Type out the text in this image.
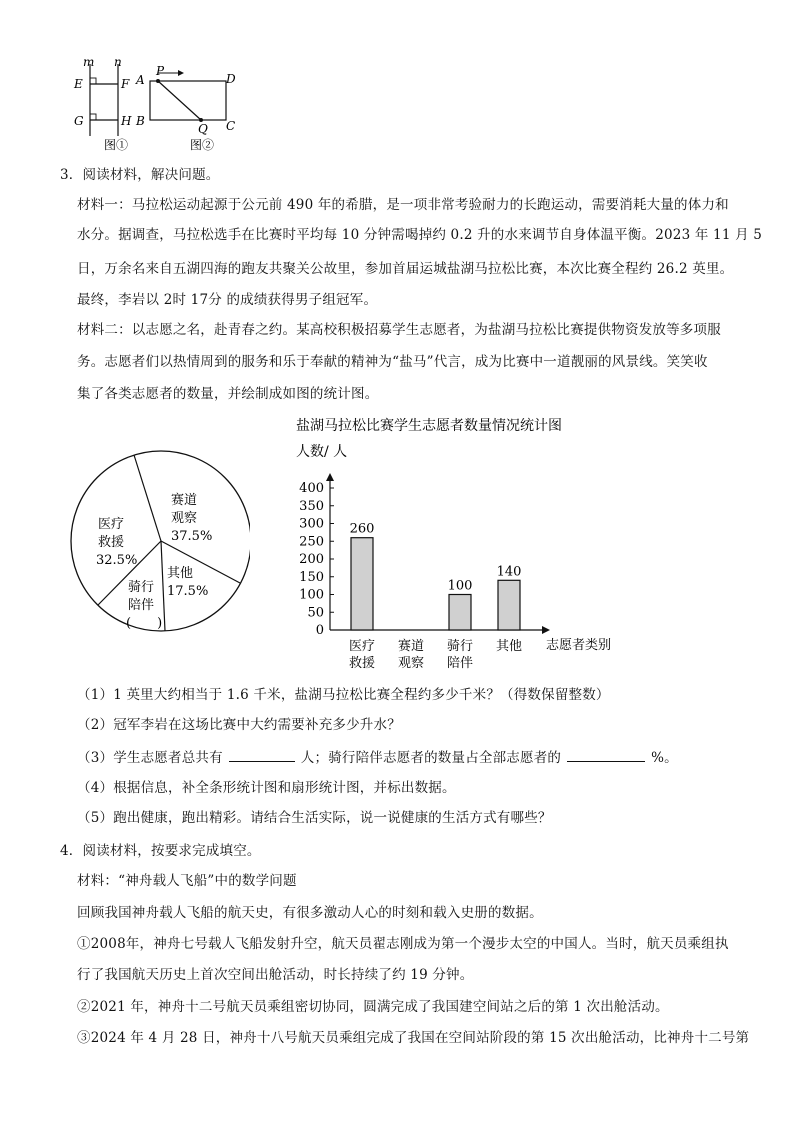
m n
E	F
G	H
图①
A
P
D
B
Q C
图②
3．阅读材料，解决问题。
材料一：马拉松运动起源于公元前 490 年的希腊，是一项非常考验耐力的长跑运动，需要消耗大量的体力和
水分。据调查，马拉松选手在比赛时平均每 10 分钟需喝掉约 0.2 升的水来调节自身体温平衡。2023 年 11 月 5
日，万余名来自五湖四海的跑友共聚关公故里，参加首届运城盐湖马拉松比赛，本次比赛全程约 26.2 英里。
最终，李岩以 2时 17分 的成绩获得男子组冠军。
材料二：以志愿之名，赴青春之约。某高校积极招募学生志愿者，为盐湖马拉松比赛提供物资发放等多项服
务。志愿者们以热情周到的服务和乐于奉献的精神为“盐马”代言，成为比赛中一道靓丽的风景线。笑笑收
集了各类志愿者的数量，并绘制成如图的统计图。
赛道
观察
37.5%
医疗
救援
32.5%
骑行
陪伴
(　　)
其他
17.5%
盐湖马拉松比赛学生志愿者数量情况统计图
人数/ 人
0
50
100
150
200
250
300
350
400
260
医疗
救援
赛道
观察
100
骑行
陪伴
140
其他 志愿者类别
（1）1 英里大约相当于 1.6 千米，盐湖马拉松比赛全程约多少千米？（得数保留整数）
（2）冠军李岩在这场比赛中大约需要补充多少升水？
（3）学生志愿者总共有	人；骑行陪伴志愿者的数量占全部志愿者的	%。
（4）根据信息，补全条形统计图和扇形统计图，并标出数据。
（5）跑出健康，跑出精彩。请结合生活实际，说一说健康的生活方式有哪些？
4．阅读材料，按要求完成填空。
材料：“神舟载人飞船”中的数学问题
回顾我国神舟载人飞船的航天史，有很多激动人心的时刻和载入史册的数据。
①2008年，神舟七号载人飞船发射升空，航天员翟志刚成为第一个漫步太空的中国人。当时，航天员乘组执
行了我国航天历史上首次空间出舱活动，时长持续了约 19 分钟。
②2021 年，神舟十二号航天员乘组密切协同，圆满完成了我国建空间站之后的第 1 次出舱活动。
③2024 年 4 月 28 日，神舟十八号航天员乘组完成了我国在空间站阶段的第 15 次出舱活动，比神舟十二号第
